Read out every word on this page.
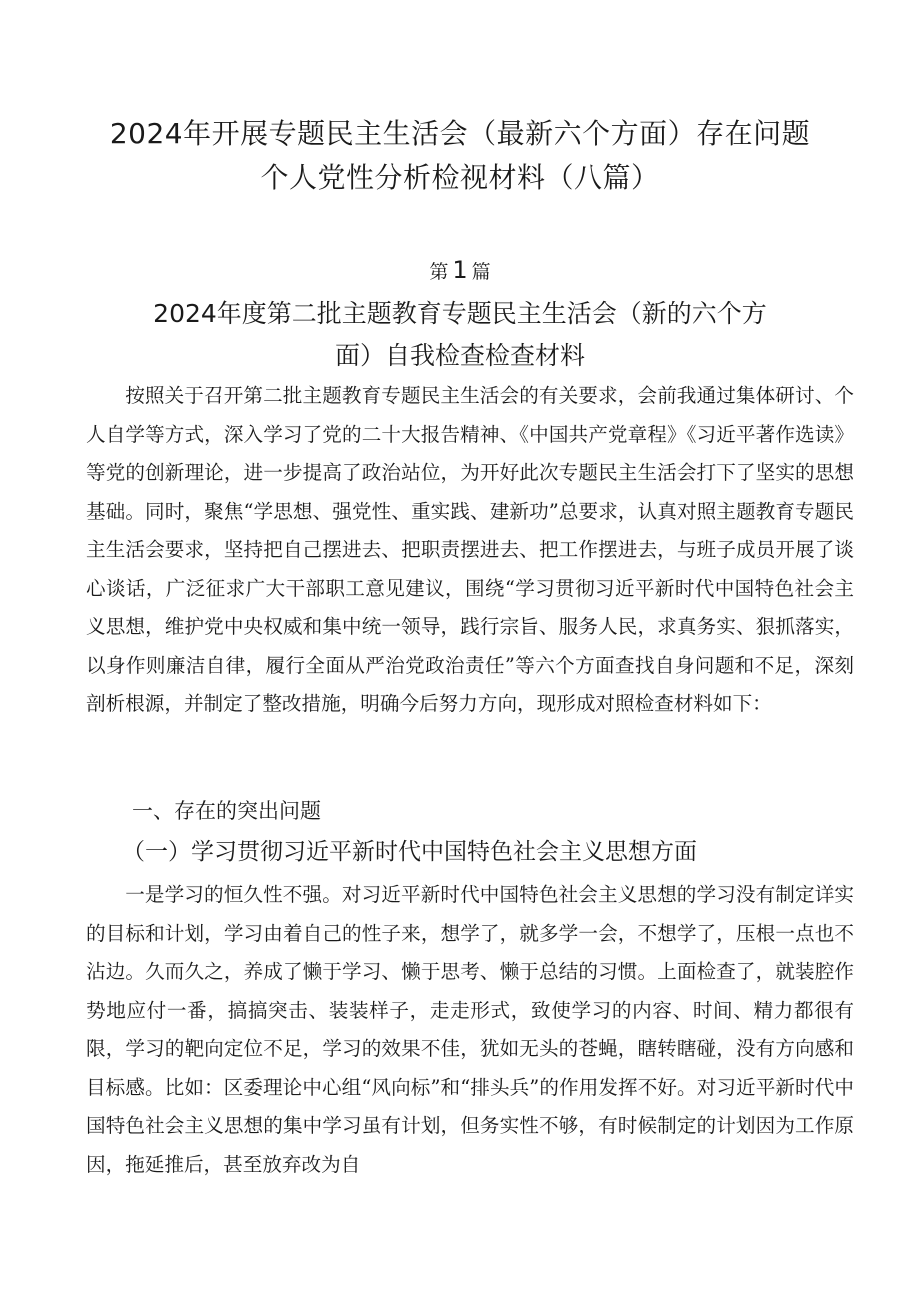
2024年开展专题民主生活会（最新六个方面）存在问题
个人党性分析检视材料（八篇）
第 1 篇
2024年度第二批主题教育专题民主生活会（新的六个方
面）自我检查检查材料

按照关于召开第二批主题教育专题民主生活会的有关要求，会前我通过集体研讨、个人自学等方式，深入学习了党的二十大报告精神、《中国共产党章程》《习近平著作选读》等党的创新理论，进一步提高了政治站位，为开好此次专题民主生活会打下了坚实的思想基础。同时，聚焦“学思想、强党性、重实践、建新功”总要求，认真对照主题教育专题民主生活会要求，坚持把自己摆进去、把职责摆进去、把工作摆进去，与班子成员开展了谈心谈话，广泛征求广大干部职工意见建议，围绕“学习贯彻习近平新时代中国特色社会主义思想，维护党中央权威和集中统一领导，践行宗旨、服务人民，求真务实、狠抓落实，以身作则廉洁自律，履行全面从严治党政治责任”等六个方面查找自身问题和不足，深刻剖析根源，并制定了整改措施，明确今后努力方向，现形成对照检查材料如下：

一、存在的突出问题
（一）学习贯彻习近平新时代中国特色社会主义思想方面

一是学习的恒久性不强。对习近平新时代中国特色社会主义思想的学习没有制定详实的目标和计划，学习由着自己的性子来，想学了，就多学一会，不想学了，压根一点也不沾边。久而久之，养成了懒于学习、懒于思考、懒于总结的习惯。上面检查了，就装腔作势地应付一番，搞搞突击、装装样子，走走形式，致使学习的内容、时间、精力都很有限，学习的靶向定位不足，学习的效果不佳，犹如无头的苍蝇，瞎转瞎碰，没有方向感和目标感。比如：区委理论中心组“风向标”和“排头兵”的作用发挥不好。对习近平新时代中国特色社会主义思想的集中学习虽有计划，但务实性不够，有时候制定的计划因为工作原因，拖延推后，甚至放弃改为自
